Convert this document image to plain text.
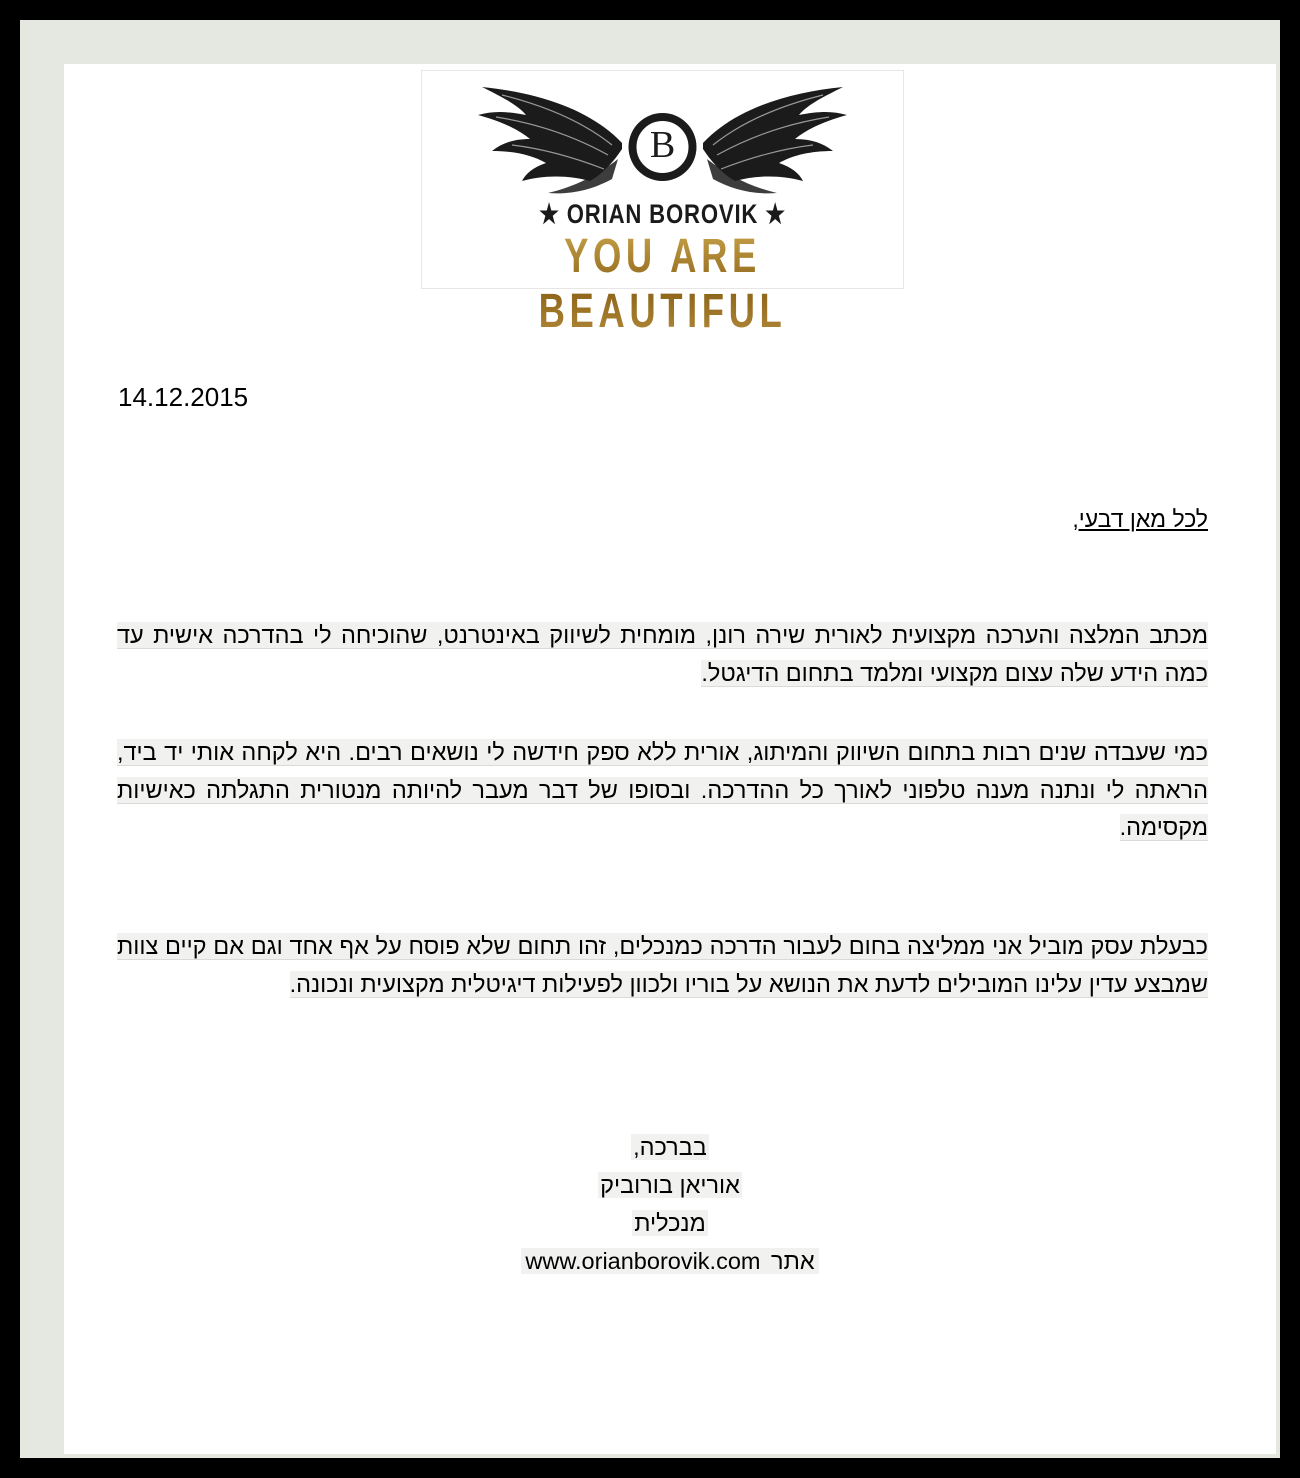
B
★ ORIAN BOROVIK ★
YOU ARE BEAUTIFUL
14.12.2015
לכל מאן דבעי,
מכתב המלצה והערכה מקצועית לאורית שירה רונן, מומחית לשיווק באינטרנט, שהוכיחה לי בהדרכה אישית עד כמה הידע שלה עצום מקצועי ומלמד בתחום הדיגטל.
כמי שעבדה שנים רבות בתחום השיווק והמיתוג, אורית ללא ספק חידשה לי נושאים רבים. היא לקחה אותי יד ביד, הראתה לי ונתנה מענה טלפוני לאורך כל ההדרכה. ובסופו של דבר מעבר להיותה מנטורית התגלתה כאישיות מקסימה.
כבעלת עסק מוביל אני ממליצה בחום לעבור הדרכה כמנכלים, זהו תחום שלא פוסח על אף אחד וגם אם קיים צוות שמבצע עדין עלינו המובילים לדעת את הנושא על בוריו ולכוון לפעילות דיגיטלית מקצועית ונכונה.
בברכה,
אוריאן בורוביק
מנכלית
אתר www.orianborovik.com
